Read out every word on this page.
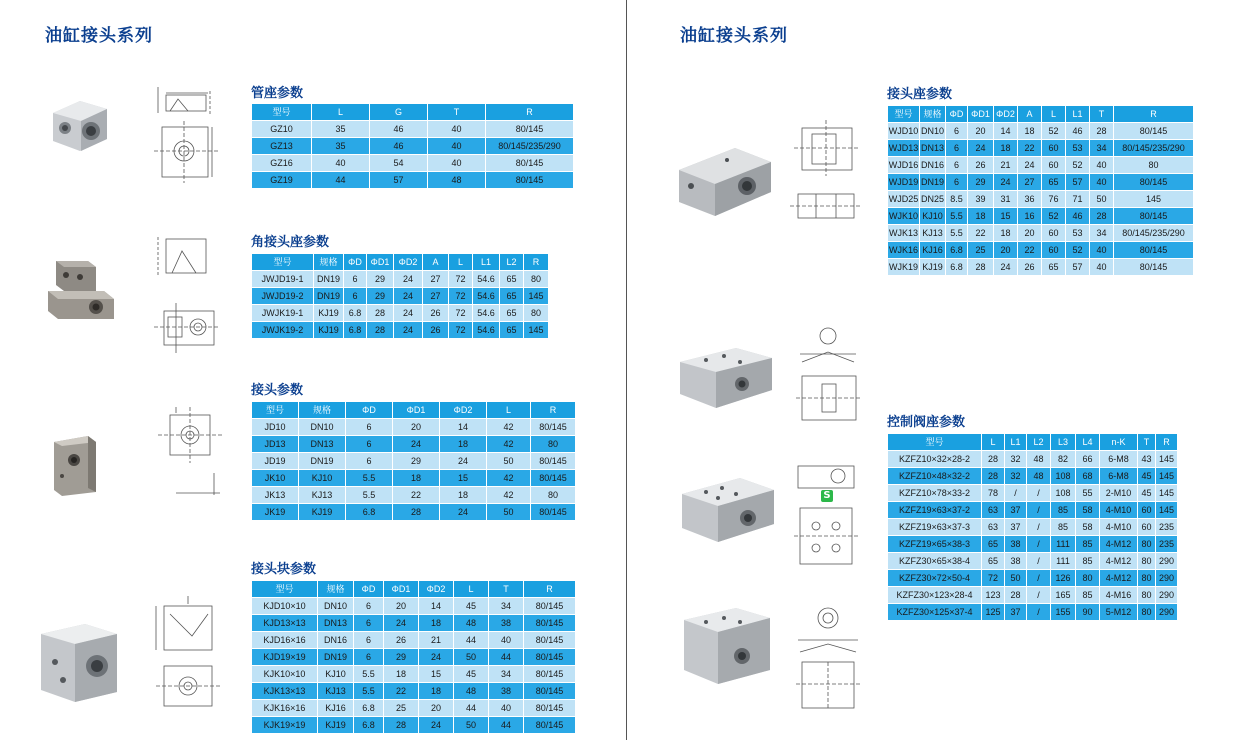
油缸接头系列	油缸接头系列
管座参数
角接头座参数
接头参数
接头块参数
接头座参数
控制阀座参数
型号	L	G	T	R
GZ10	35	46	40	80/145
GZ13	35	46	40	80/145/235/290
GZ16	40	54	40	80/145
GZ19	44	57	48	80/145
型号	规格	ΦD	ΦD1	ΦD2	A	L	L1	L2	R
JWJD19-1	DN19	6	29	24	27	72	54.6	65	80
JWJD19-2	DN19	6	29	24	27	72	54.6	65	145
JWJK19-1	KJ19	6.8	28	24	26	72	54.6	65	80
JWJK19-2	KJ19	6.8	28	24	26	72	54.6	65	145
型号	规格	ΦD	ΦD1	ΦD2	L	R
JD10	DN10	6	20	14	42	80/145
JD13	DN13	6	24	18	42	80
JD19	DN19	6	29	24	50	80/145
JK10	KJ10	5.5	18	15	42	80/145
JK13	KJ13	5.5	22	18	42	80
JK19	KJ19	6.8	28	24	50	80/145
型号	规格	ΦD	ΦD1	ΦD2	L	T	R
KJD10×10	DN10	6	20	14	45	34	80/145
KJD13×13	DN13	6	24	18	48	38	80/145
KJD16×16	DN16	6	26	21	44	40	80/145
KJD19×19	DN19	6	29	24	50	44	80/145
KJK10×10	KJ10	5.5	18	15	45	34	80/145
KJK13×13	KJ13	5.5	22	18	48	38	80/145
KJK16×16	KJ16	6.8	25	20	44	40	80/145
KJK19×19	KJ19	6.8	28	24	50	44	80/145
型号	规格	ΦD	ΦD1	ΦD2	A	L	L1	T	R
WJD10	DN10	6	20	14	18	52	46	28	80/145
WJD13	DN13	6	24	18	22	60	53	34	80/145/235/290
WJD16	DN16	6	26	21	24	60	52	40	80
WJD19	DN19	6	29	24	27	65	57	40	80/145
WJD25	DN25	8.5	39	31	36	76	71	50	145
WJK10	KJ10	5.5	18	15	16	52	46	28	80/145
WJK13	KJ13	5.5	22	18	20	60	53	34	80/145/235/290
WJK16	KJ16	6.8	25	20	22	60	52	40	80/145
WJK19	KJ19	6.8	28	24	26	65	57	40	80/145
型号	L	L1	L2	L3	L4	n-K	T	R
KZFZ10×32×28-2	28	32	48	82	66	6-M8	43	145
KZFZ10×48×32-2	28	32	48	108	68	6-M8	45	145
KZFZ10×78×33-2	78	/	/	108	55	2-M10	45	145
KZFZ19×63×37-2	63	37	/	85	58	4-M10	60	145
KZFZ19×63×37-3	63	37	/	85	58	4-M10	60	235
KZFZ19×65×38-3	65	38	/	111	85	4-M12	80	235
KZFZ30×65×38-4	65	38	/	111	85	4-M12	80	290
KZFZ30×72×50-4	72	50	/	126	80	4-M12	80	290
KZFZ30×123×28-4	123	28	/	165	85	4-M16	80	290
KZFZ30×125×37-4	125	37	/	155	90	5-M12	80	290
S
